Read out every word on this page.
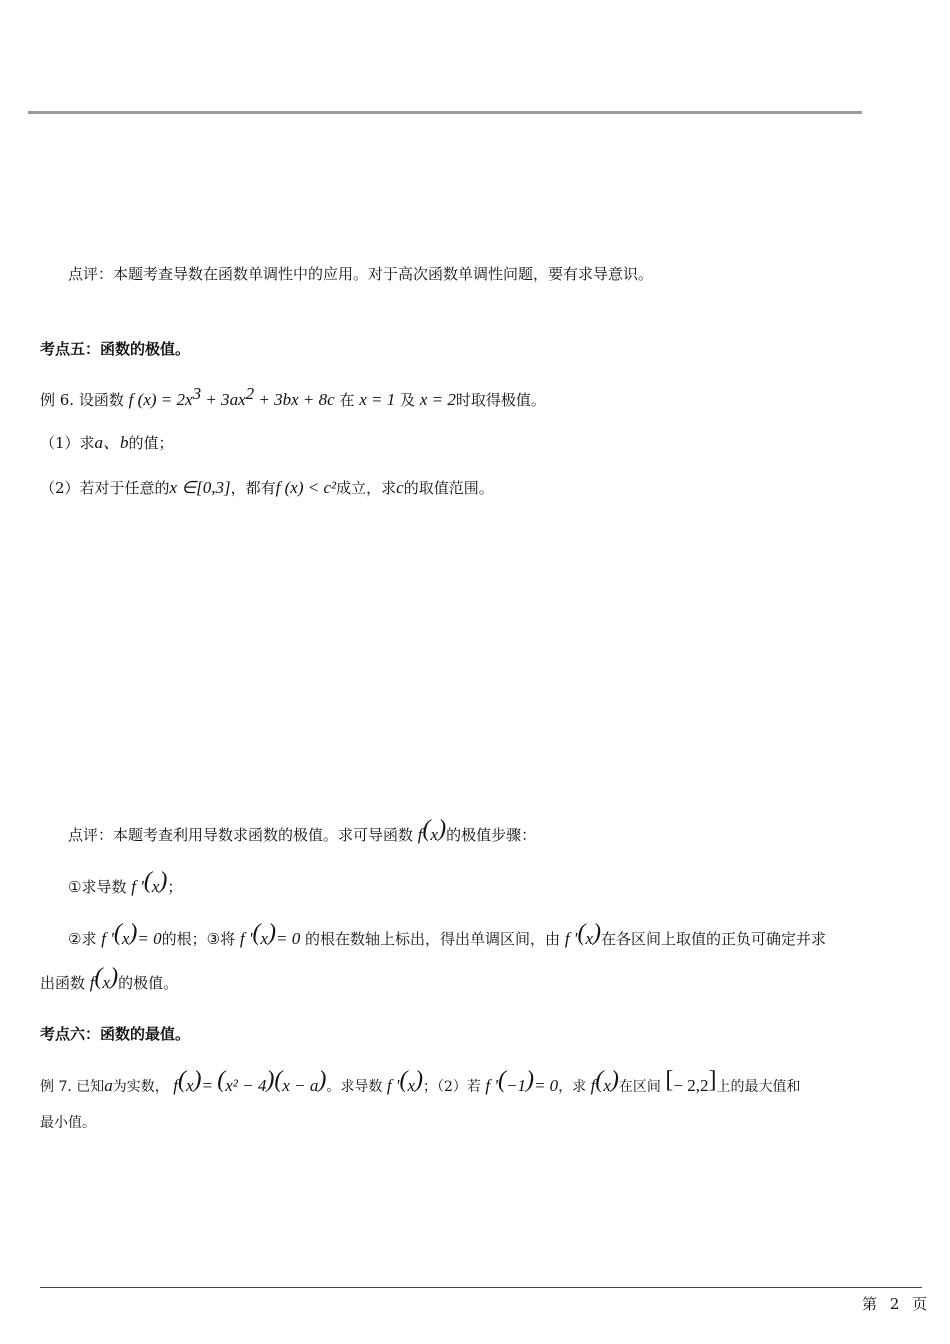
点评：本题考查导数在函数单调性中的应用。对于高次函数单调性问题，要有求导意识。
考点五：函数的极值。
例 6. 设函数 f $(x) = 2x^3 + 3ax^2 + 3bx + 8c$ 在 x = 1 及 x = 2时取得极值。
（1）求a、b的值；
（2）若对于任意的x ∈[0,3]，都有f (x) < c²成立，求c的取值范围。
点评：本题考查利用导数求函数的极值。求可导函数 f(x)的极值步骤：
①求导数 f '(x)；
②求 f '(x)= 0的根；③将 f '(x)= 0 的根在数轴上标出，得出单调区间，由 f '(x)在各区间上取值的正负可确定并求
出函数 f(x)的极值。
考点六：函数的最值。
例 7. 已知a为实数， f(x)= (x² − 4)(x − a)。求导数 f '(x)；（2）若 f '(−1)= 0，求 f(x)在区间 [− 2,2]上的最大值和
最小值。
第 2 页
